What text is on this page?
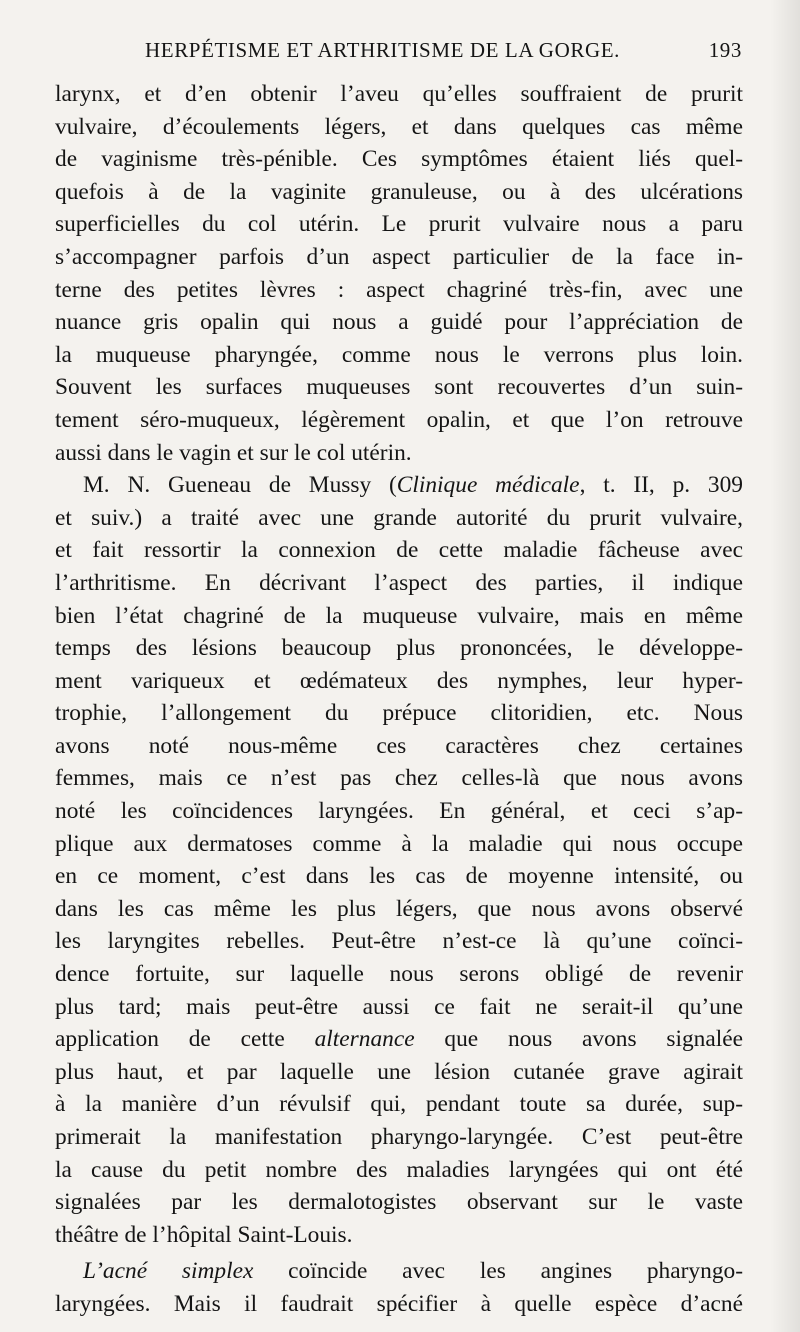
HERPÉTISME ET ARTHRITISME DE LA GORGE.	193
larynx, et d’en obtenir l’aveu qu’elles souffraient de prurit
vulvaire, d’écoulements légers, et dans quelques cas même
de vaginisme très-pénible. Ces symptômes étaient liés quel-
quefois à de la vaginite granuleuse, ou à des ulcérations
superficielles du col utérin. Le prurit vulvaire nous a paru
s’accompagner parfois d’un aspect particulier de la face in-
terne des petites lèvres : aspect chagriné très-fin, avec une
nuance gris opalin qui nous a guidé pour l’appréciation de
la muqueuse pharyngée, comme nous le verrons plus loin.
Souvent les surfaces muqueuses sont recouvertes d’un suin-
tement séro-muqueux, légèrement opalin, et que l’on retrouve
aussi dans le vagin et sur le col utérin.
M. N. Gueneau de Mussy (Clinique médicale, t. II, p. 309
et suiv.) a traité avec une grande autorité du prurit vulvaire,
et fait ressortir la connexion de cette maladie fâcheuse avec
l’arthritisme. En décrivant l’aspect des parties, il indique
bien l’état chagriné de la muqueuse vulvaire, mais en même
temps des lésions beaucoup plus prononcées, le développe-
ment variqueux et œdémateux des nymphes, leur hyper-
trophie, l’allongement du prépuce clitoridien, etc. Nous
avons noté nous-même ces caractères chez certaines
femmes, mais ce n’est pas chez celles-là que nous avons
noté les coïncidences laryngées. En général, et ceci s’ap-
plique aux dermatoses comme à la maladie qui nous occupe
en ce moment, c’est dans les cas de moyenne intensité, ou
dans les cas même les plus légers, que nous avons observé
les laryngites rebelles. Peut-être n’est-ce là qu’une coïnci-
dence fortuite, sur laquelle nous serons obligé de revenir
plus tard; mais peut-être aussi ce fait ne serait-il qu’une
application de cette alternance que nous avons signalée
plus haut, et par laquelle une lésion cutanée grave agirait
à la manière d’un révulsif qui, pendant toute sa durée, sup-
primerait la manifestation pharyngo-laryngée. C’est peut-être
la cause du petit nombre des maladies laryngées qui ont été
signalées par les dermalotogistes observant sur le vaste
théâtre de l’hôpital Saint-Louis.
L’acné simplex coïncide avec les angines pharyngo-
laryngées. Mais il faudrait spécifier à quelle espèce d’acné
